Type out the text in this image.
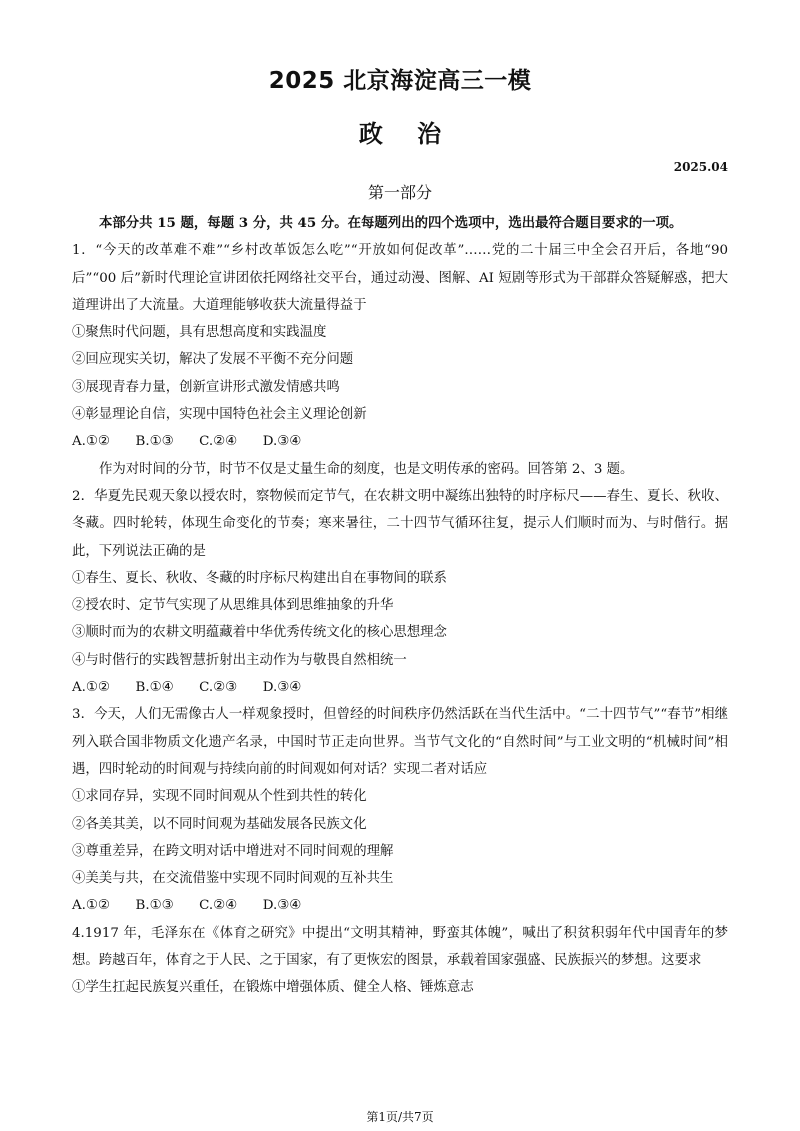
2025 北京海淀高三一模
政 治
2025.04
第一部分

本部分共 15 题，每题 3 分，共 45 分。在每题列出的四个选项中，选出最符合题目要求的一项。

1．“今天的改革难不难”“乡村改革饭怎么吃”“开放如何促改革”……党的二十届三中全会召开后，各地“90 后”“00 后”新时代理论宣讲团依托网络社交平台，通过动漫、图解、AI 短剧等形式为干部群众答疑解惑，把大道理讲出了大流量。大道理能够收获大流量得益于

①聚焦时代问题，具有思想高度和实践温度

②回应现实关切，解决了发展不平衡不充分问题

③展现青春力量，创新宣讲形式激发情感共鸣

④彰显理论自信，实现中国特色社会主义理论创新

A.①②      B.①③      C.②④      D.③④

作为对时间的分节，时节不仅是丈量生命的刻度，也是文明传承的密码。回答第 2、3 题。

2．华夏先民观天象以授农时，察物候而定节气，在农耕文明中凝练出独特的时序标尺——春生、夏长、秋收、冬藏。四时轮转，体现生命变化的节奏；寒来暑往，二十四节气循环往复，提示人们顺时而为、与时偕行。据此，下列说法正确的是

①春生、夏长、秋收、冬藏的时序标尺构建出自在事物间的联系

②授农时、定节气实现了从思维具体到思维抽象的升华

③顺时而为的农耕文明蕴藏着中华优秀传统文化的核心思想理念

④与时偕行的实践智慧折射出主动作为与敬畏自然相统一

A.①②      B.①④      C.②③      D.③④

3．今天，人们无需像古人一样观象授时，但曾经的时间秩序仍然活跃在当代生活中。“二十四节气”“春节”相继列入联合国非物质文化遗产名录，中国时节正走向世界。当节气文化的“自然时间”与工业文明的“机械时间”相遇，四时轮动的时间观与持续向前的时间观如何对话？实现二者对话应

①求同存异，实现不同时间观从个性到共性的转化

②各美其美，以不同时间观为基础发展各民族文化

③尊重差异，在跨文明对话中增进对不同时间观的理解

④美美与共，在交流借鉴中实现不同时间观的互补共生

A.①②      B.①③      C.②④      D.③④

4.1917 年，毛泽东在《体育之研究》中提出“文明其精神，野蛮其体魄”，喊出了积贫积弱年代中国青年的梦想。跨越百年，体育之于人民、之于国家，有了更恢宏的图景，承载着国家强盛、民族振兴的梦想。这要求

①学生扛起民族复兴重任，在锻炼中增强体质、健全人格、锤炼意志

第1页/共7页
